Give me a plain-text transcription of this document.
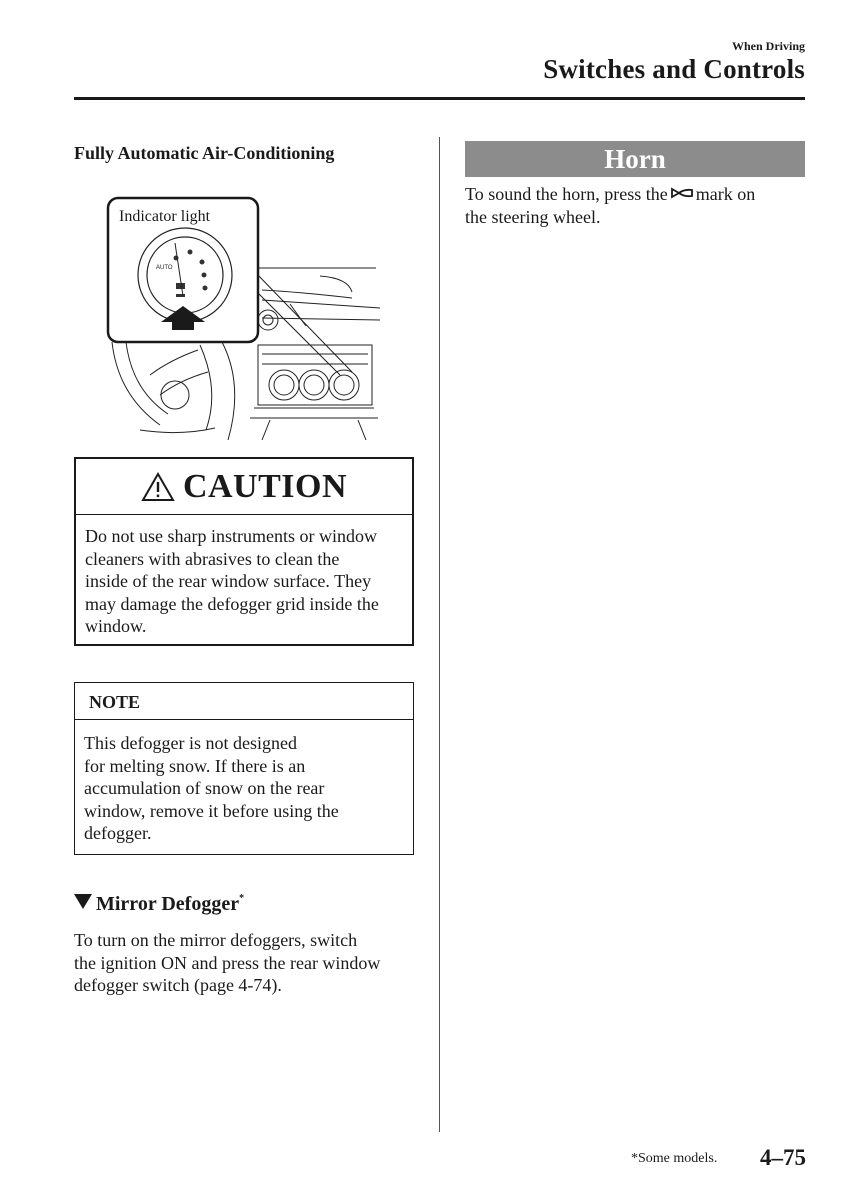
When Driving
Switches and Controls
Fully Automatic Air-Conditioning
AUTO
Indicator light
CAUTION
Do not use sharp instruments or window
cleaners with abrasives to clean the
inside of the rear window surface. They
may damage the defogger grid inside the
window.
NOTE
This defogger is not designed
for melting snow. If there is an
accumulation of snow on the rear
window, remove it before using the
defogger.
Mirror Defogger*
To turn on the mirror defoggers, switch
the ignition ON and press the rear window
defogger switch (page 4-74).
Horn
To sound the horn, press the mark on
the steering wheel.
*Some models. 4–75
